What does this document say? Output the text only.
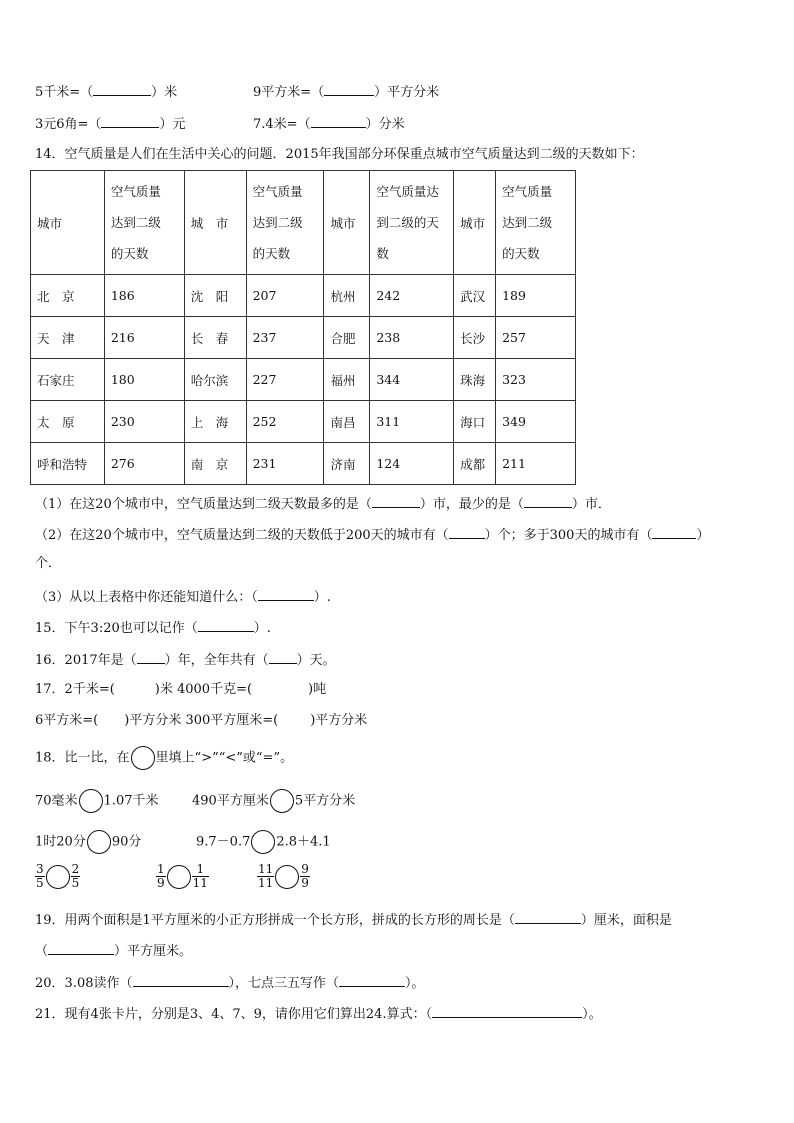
5千米=（	）米	9平方米=（	）平方分米
3元6角=（	）元	7.4米=（	）分米
14．空气质量是人们在生活中关心的问题．2015年我国部分环保重点城市空气质量达到二级的天数如下：
城市	空气质量
达到二级
的天数	城　市	空气质量
达到二级
的天数	城市	空气质量达
到二级的天
数	城市	空气质量
达到二级
的天数

北　京	186	沈　阳	207	杭州	242	武汉	189
天　津	216	长　春	237	合肥	238	长沙	257
石家庄	180	哈尔滨	227	福州	344	珠海	323
太　原	230	上　海	252	南昌	311	海口	349
呼和浩特	276	南　京	231	济南	124	成都	211
（1）在这20个城市中，空气质量达到二级天数最多的是（	）市，最少的是（	）市．
（2）在这20个城市中，空气质量达到二级的天数低于200天的城市有（	）个；多于300天的城市有（	）
个．
（3）从以上表格中你还能知道什么：（	）.
15．下午3:20也可以记作（	）.
16．2017年是（ ）年，全年共有（ ）天。
17．2千米=(	)米 4000千克=(	)吨
6平方米=( )平方分米 300平方厘米=( )平方分米
18．比一比，在 里填上“>”“<”或“=”。
70毫米 1.07千米	490平方厘米 5平方分米
1时20分 90分	9.7－0.7 2.8＋4.1
$\frac{3}{5} \frac{2}{5}$	$\frac{1}{9} \frac{1}{11}$	$\frac{11}{11} \frac{9}{9}$
19．用两个面积是1平方厘米的小正方形拼成一个长方形，拼成的长方形的周长是（	）厘米，面积是
（	）平方厘米。
20．3.08读作（	），七点三五写作（	）。
21．现有4张卡片，分别是3、4、7、9，请你用它们算出24.算式：（	）。
